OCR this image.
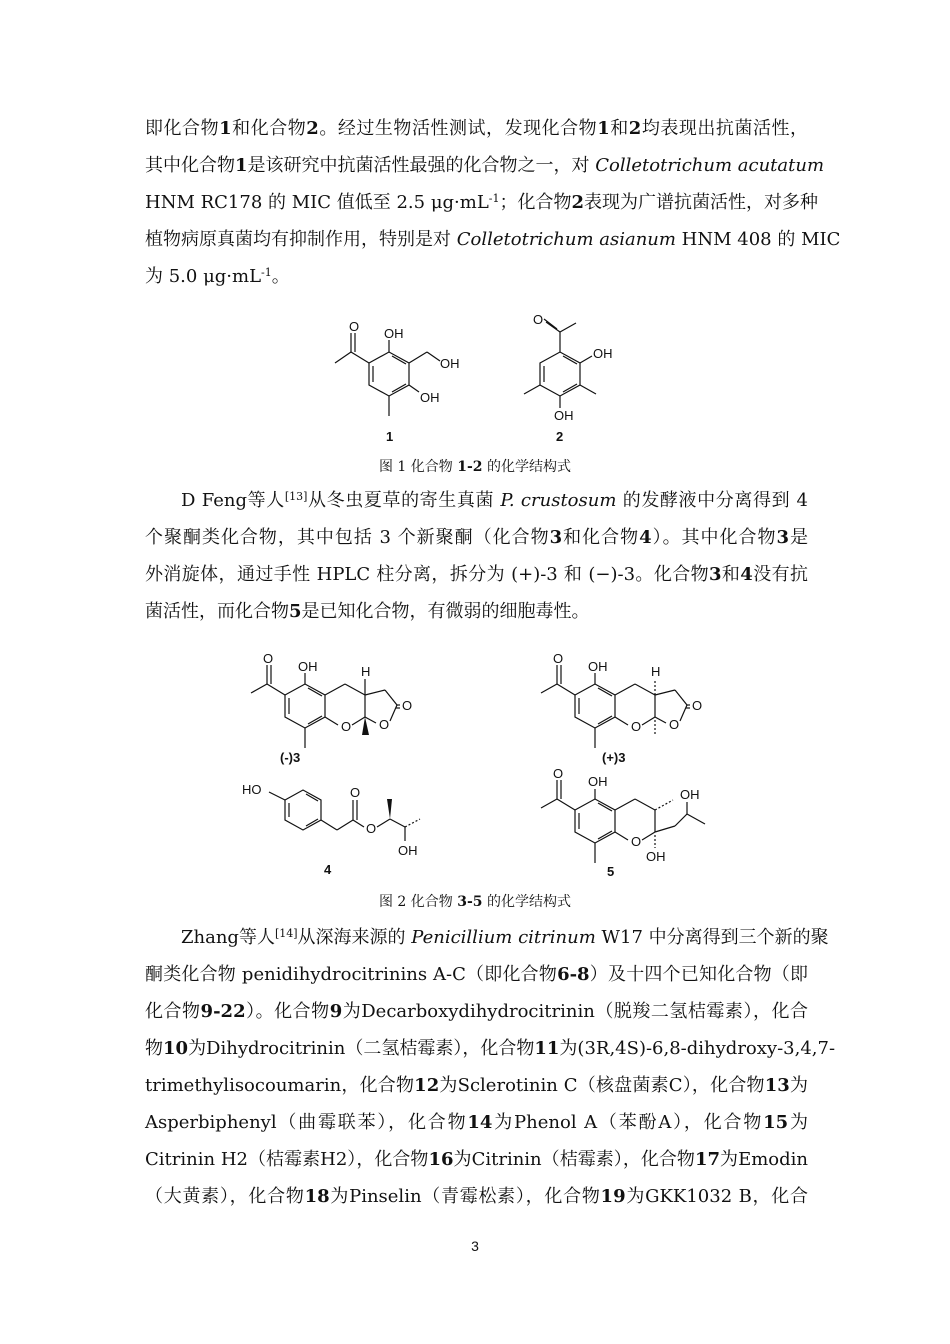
即化合物1和化合物2。经过生物活性测试，发现化合物1和2均表现出抗菌活性，
其中化合物1是该研究中抗菌活性最强的化合物之一，对 Colletotrichum acutatum
HNM RC178 的 MIC 值低至 2.5 $\mu g\cdot mL^{-1}$；化合物2表现为广谱抗菌活性，对多种
植物病原真菌均有抑制作用，特别是对 Colletotrichum asianum HNM 408 的 MIC
为 5.0 $\mu g\cdot mL^{-1}$。
O OH
OH
OH
1
O
OH
OH
2
图 1 化合物 1-2 的化学结构式
D Feng等人[13]从冬虫夏草的寄生真菌 P. crustosum 的发酵液中分离得到 4
个聚酮类化合物，其中包括 3 个新聚酮（化合物3和化合物4）。其中化合物3是
外消旋体，通过手性 HPLC 柱分离，拆分为 (+)-3 和 (−)-3。化合物3和4没有抗
菌活性，而化合物5是已知化合物，有微弱的细胞毒性。
O
OH	H
O O
O
(-)3
O
OH	H
O O
O
(+)3
HO	O
O
OH
4
O
OH
O
OH
OH
5
图 2 化合物 3-5 的化学结构式
Zhang等人[14]从深海来源的 Penicillium citrinum W17 中分离得到三个新的聚
酮类化合物 penidihydrocitrinins A-C（即化合物6-8）及十四个已知化合物（即
化合物9-22）。化合物9为Decarboxydihydrocitrinin（脱羧二氢桔霉素），化合
物10为Dihydrocitrinin（二氢桔霉素），化合物11为(3R,4S)-6,8-dihydroxy-3,4,7-
trimethylisocoumarin，化合物12为Sclerotinin C（核盘菌素C），化合物13为
Asperbiphenyl（曲霉联苯），化合物14为Phenol A（苯酚A），化合物15为
Citrinin H2（桔霉素H2），化合物16为Citrinin（桔霉素），化合物17为Emodin
（大黄素），化合物18为Pinselin（青霉松素），化合物19为GKK1032 B，化合
3
